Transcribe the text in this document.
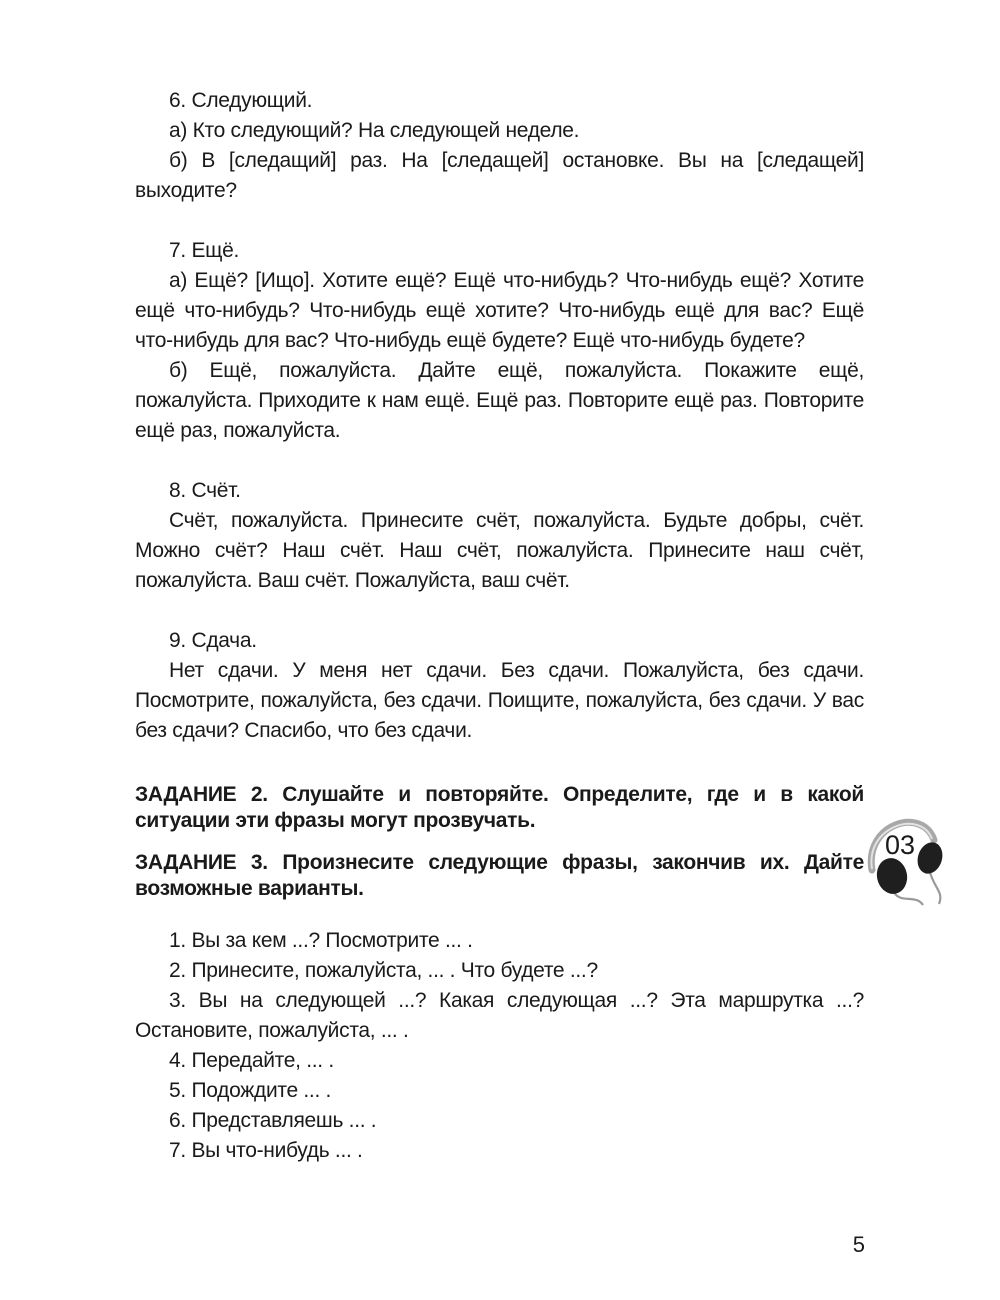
6. Следующий.

а) Кто следующий? На следующей неделе.

б) В [следащий] раз. На [следащей] остановке. Вы на [следащей] выходите?

7. Ещё.

а) Ещё? [Ищо]. Хотите ещё? Ещё что-нибудь? Что-нибудь ещё? Хотите ещё что-нибудь? Что-нибудь ещё хотите? Что-нибудь ещё для вас? Ещё что-нибудь для вас? Что-нибудь ещё будете? Ещё что-нибудь будете?

б) Ещё, пожалуйста. Дайте ещё, пожалуйста. Покажите ещё, пожалуйста. Приходите к нам ещё. Ещё раз. Повторите ещё раз. Повторите ещё раз, пожалуйста.

8. Счёт.

Счёт, пожалуйста. Принесите счёт, пожалуйста. Будьте добры, счёт. Можно счёт? Наш счёт. Наш счёт, пожалуйста. Принесите наш счёт, пожалуйста. Ваш счёт. Пожалуйста, ваш счёт.

9. Сдача.

Нет сдачи. У меня нет сдачи. Без сдачи. Пожалуйста, без сдачи. Посмотрите, пожалуйста, без сдачи. Поищите, пожалуйста, без сдачи. У вас без сдачи? Спасибо, что без сдачи.

ЗАДАНИЕ 2. Слушайте и повторяйте. Определите, где и в какой ситуации эти фразы могут прозвучать.

ЗАДАНИЕ 3. Произнесите следующие фразы, закончив их. Дайте возможные варианты.

1. Вы за кем ...? Посмотрите ... .

2. Принесите, пожалуйста, ... . Что будете ...?

3. Вы на следующей ...? Какая следующая ...? Эта маршрутка ...? Остановите, пожалуйста, ... .

4. Передайте, ... .

5. Подождите ... .

6. Представляешь ... .

7. Вы что-нибудь ... .

03
5
